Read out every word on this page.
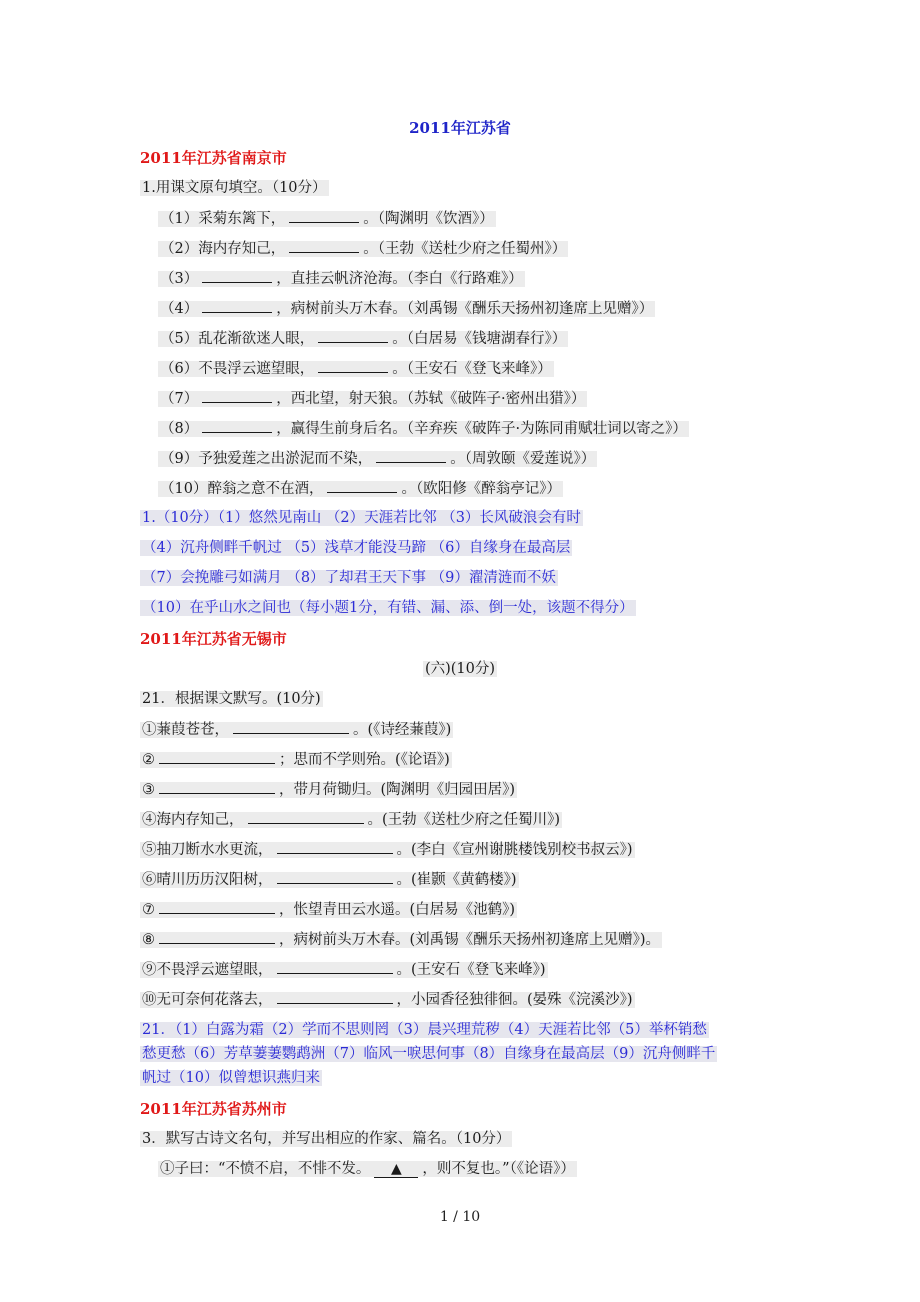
2011年江苏省
2011年江苏省南京市
1.用课文原句填空。（10分）
（1）采菊东篱下，	。（陶渊明《饮酒》）
（2）海内存知己，	。（王勃《送杜少府之任蜀州》）
（3）	，直挂云帆济沧海。（李白《行路难》）
（4）	，病树前头万木春。（刘禹锡《酬乐天扬州初逢席上见赠》）
（5）乱花渐欲迷人眼，	。（白居易《钱塘湖春行》）
（6）不畏浮云遮望眼，	。（王安石《登飞来峰》）
（7）	，西北望，射天狼。（苏轼《破阵子·密州出猎》）
（8）	，赢得生前身后名。（辛弃疾《破阵子·为陈同甫赋壮词以寄之》）
（9）予独爱莲之出淤泥而不染，	。（周敦颐《爱莲说》）
（10）醉翁之意不在酒，	。（欧阳修《醉翁亭记》）
1.（10分）（1）悠然见南山 （2）天涯若比邻 （3）长风破浪会有时
（4）沉舟侧畔千帆过 （5）浅草才能没马蹄 （6）自缘身在最高层
（7）会挽雕弓如满月 （8）了却君王天下事 （9）濯清涟而不妖
（10）在乎山水之间也（每小题1分，有错、漏、添、倒一处，该题不得分）
2011年江苏省无锡市
(六)(10分)
21．根据课文默写。(10分)
①蒹葭苍苍，	。(《诗经蒹葭》)
②	；思而不学则殆。(《论语》)
③	，带月荷锄归。(陶渊明《归园田居》)
④海内存知己，	。(王勃《送杜少府之任蜀川》)
⑤抽刀断水水更流，	。(李白《宣州谢朓楼饯别校书叔云》)
⑥晴川历历汉阳树，	。(崔颢《黄鹤楼》)
⑦	，怅望青田云水遥。(白居易《池鹤》)
⑧	，病树前头万木春。(刘禹锡《酬乐天扬州初逢席上见赠》)。
⑨不畏浮云遮望眼，	。(王安石《登飞来峰》)
⑩无可奈何花落去，	，小园香径独徘徊。(晏殊《浣溪沙》)
21．（1）白露为霜（2）学而不思则罔（3）晨兴理荒秽（4）天涯若比邻（5）举杯销愁
愁更愁（6）芳草萋萋鹦鹉洲（7）临风一唳思何事（8）自缘身在最高层（9）沉舟侧畔千
帆过（10）似曾想识燕归来
2011年江苏省苏州市
3．默写古诗文名句，并写出相应的作家、篇名。（10分）
①子曰：“不愤不启，不悱不发。 ▲ ，则不复也。”（《论语》）
1 / 10
